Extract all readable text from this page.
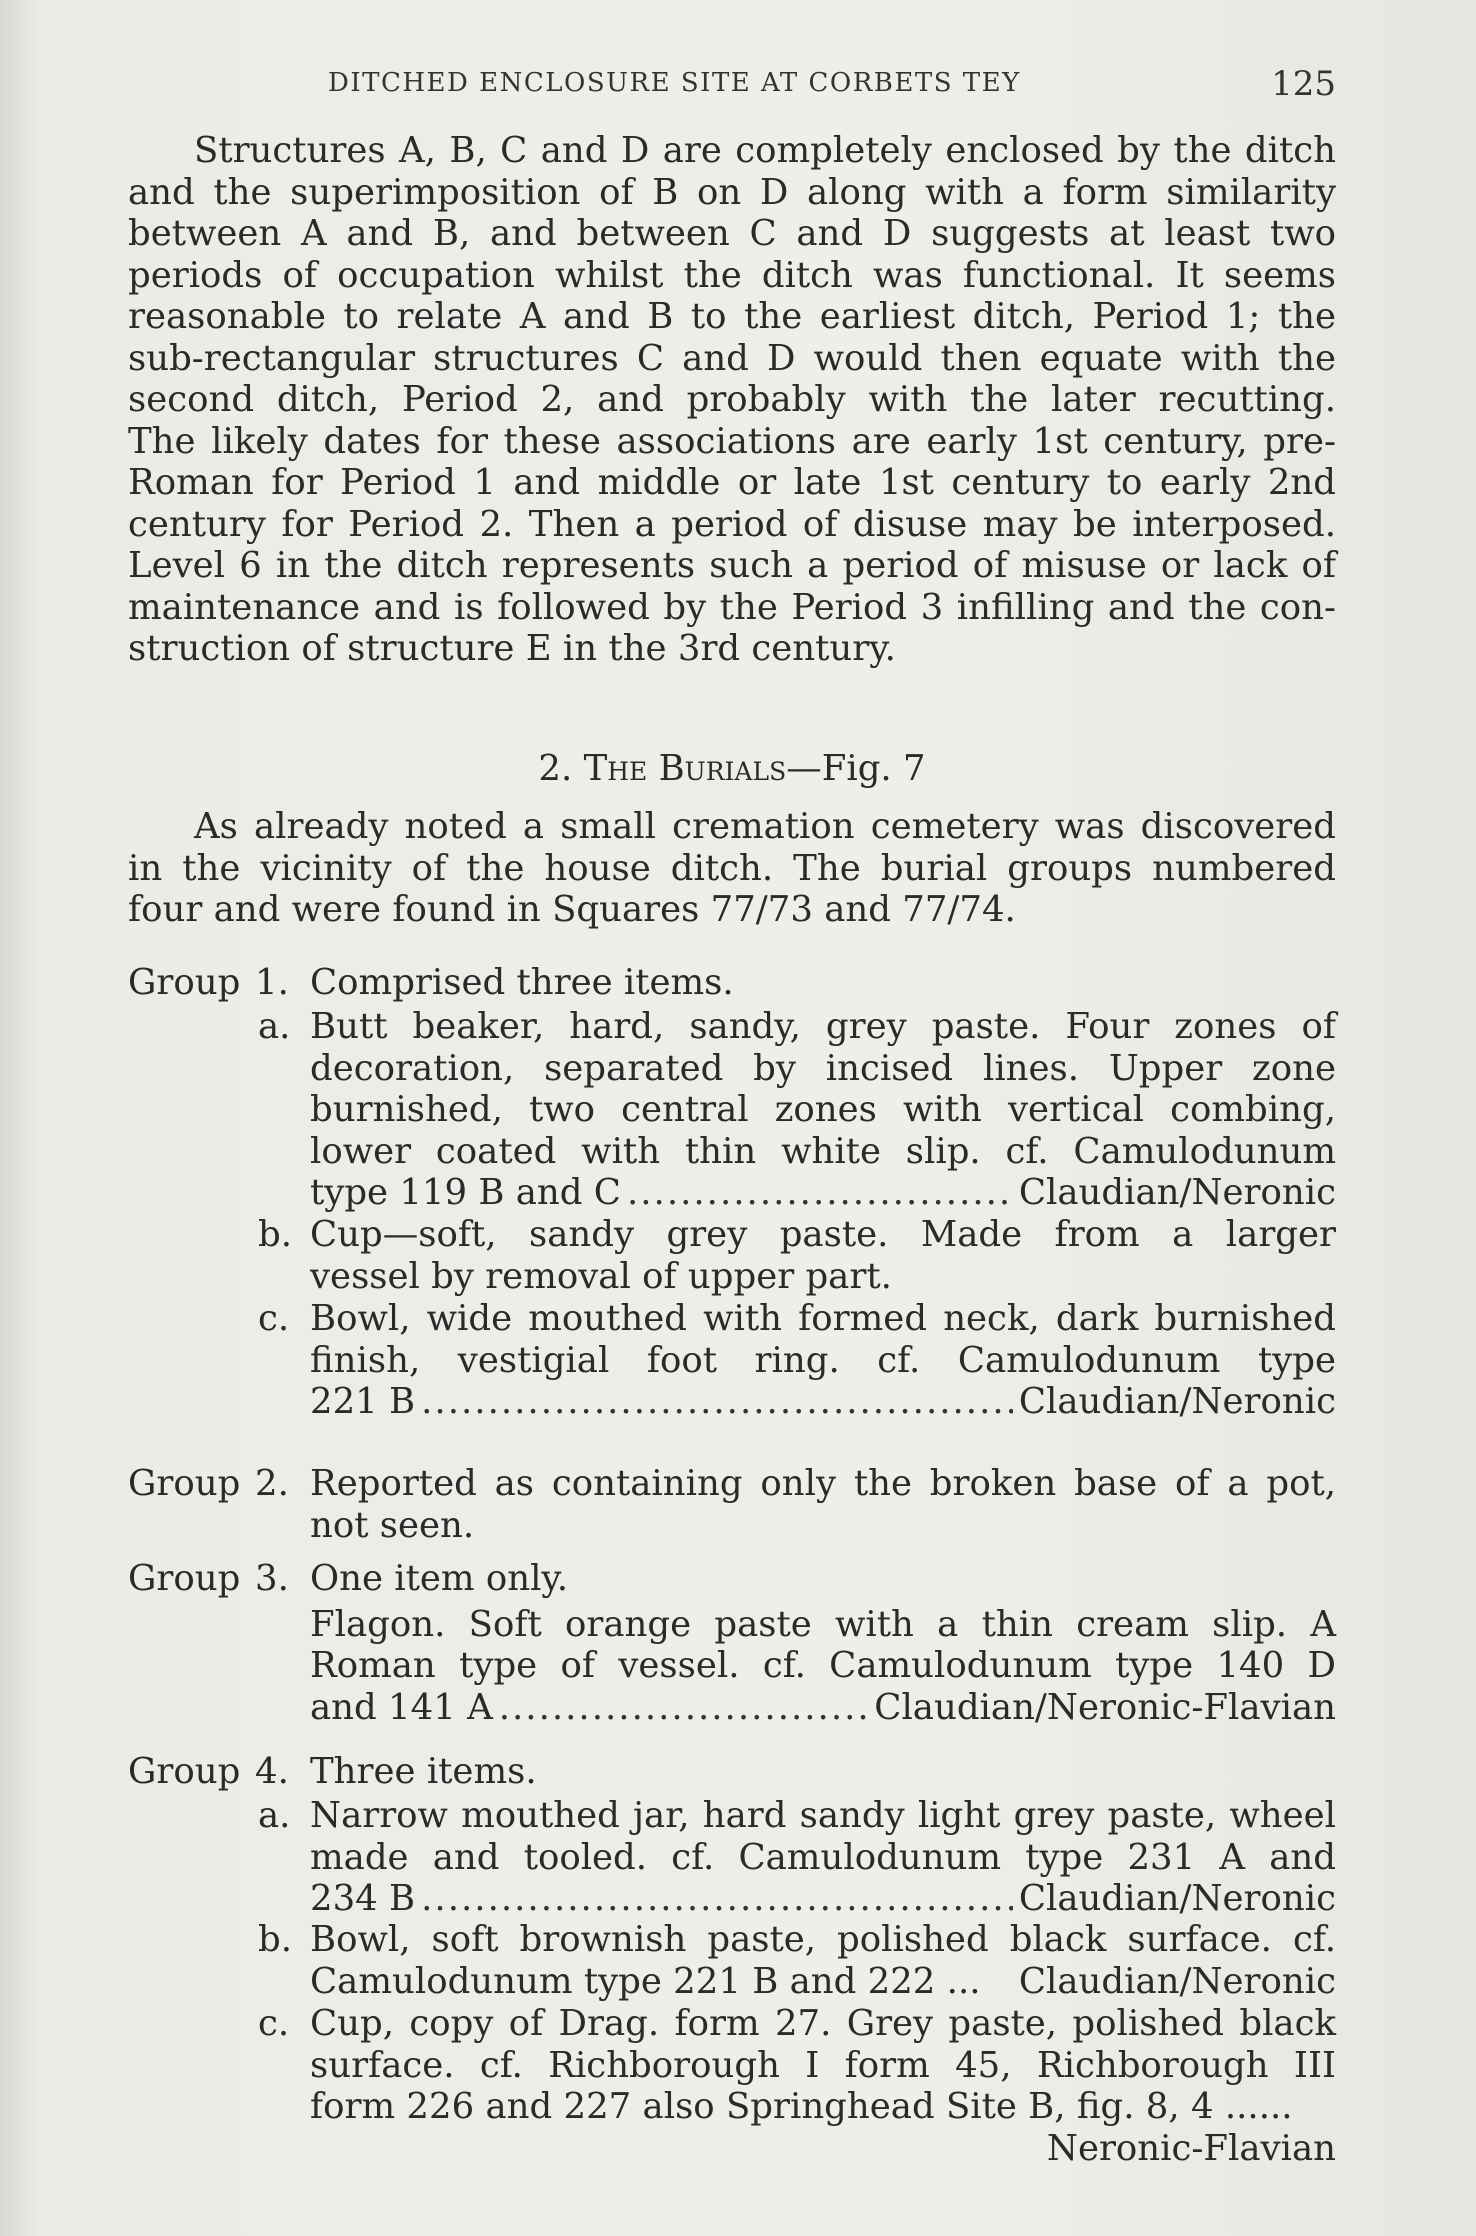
DITCHED ENCLOSURE SITE AT CORBETS TEY	125
Structures A, B, C and D are completely enclosed by the ditch
and the superimposition of B on D along with a form similarity
between A and B, and between C and D suggests at least two
periods of occupation whilst the ditch was functional. It seems
reasonable to relate A and B to the earliest ditch, Period 1; the
sub-rectangular structures C and D would then equate with the
second ditch, Period 2, and probably with the later recutting.
The likely dates for these associations are early 1st century, pre-
Roman for Period 1 and middle or late 1st century to early 2nd
century for Period 2. Then a period of disuse may be interposed.
Level 6 in the ditch represents such a period of misuse or lack of
maintenance and is followed by the Period 3 infilling and the con-
struction of structure E in the 3rd century.
2. The Burials—Fig. 7
As already noted a small cremation cemetery was discovered
in the vicinity of the house ditch. The burial groups numbered
four and were found in Squares 77/73 and 77/74.
Group 1. Comprised three items.
a. Butt beaker, hard, sandy, grey paste. Four zones of
decoration, separated by incised lines. Upper zone
burnished, two central zones with vertical combing,
lower coated with thin white slip. cf. Camulodunum
type 119 B and C .....	Claudian/Neronic
b. Cup—soft, sandy grey paste. Made from a larger
vessel by removal of upper part.
c. Bowl, wide mouthed with formed neck, dark burnished
finish, vestigial foot ring. cf. Camulodunum type
221 B .....	Claudian/Neronic
Group 2. Reported as containing only the broken base of a pot,
not seen.
Group 3. One item only.
Flagon. Soft orange paste with a thin cream slip. A
Roman type of vessel. cf. Camulodunum type 140 D
and 141 A .....	Claudian/Neronic-Flavian
Group 4. Three items.
a. Narrow mouthed jar, hard sandy light grey paste, wheel
made and tooled. cf. Camulodunum type 231 A and
234 B .....	Claudian/Neronic
b. Bowl, soft brownish paste, polished black surface. cf.
Camulodunum type 221 B and 222 ... Claudian/Neronic
c. Cup, copy of Drag. form 27. Grey paste, polished black
surface. cf. Richborough I form 45, Richborough III
form 226 and 227 also Springhead Site B, fig. 8, 4 ......
Neronic-Flavian
